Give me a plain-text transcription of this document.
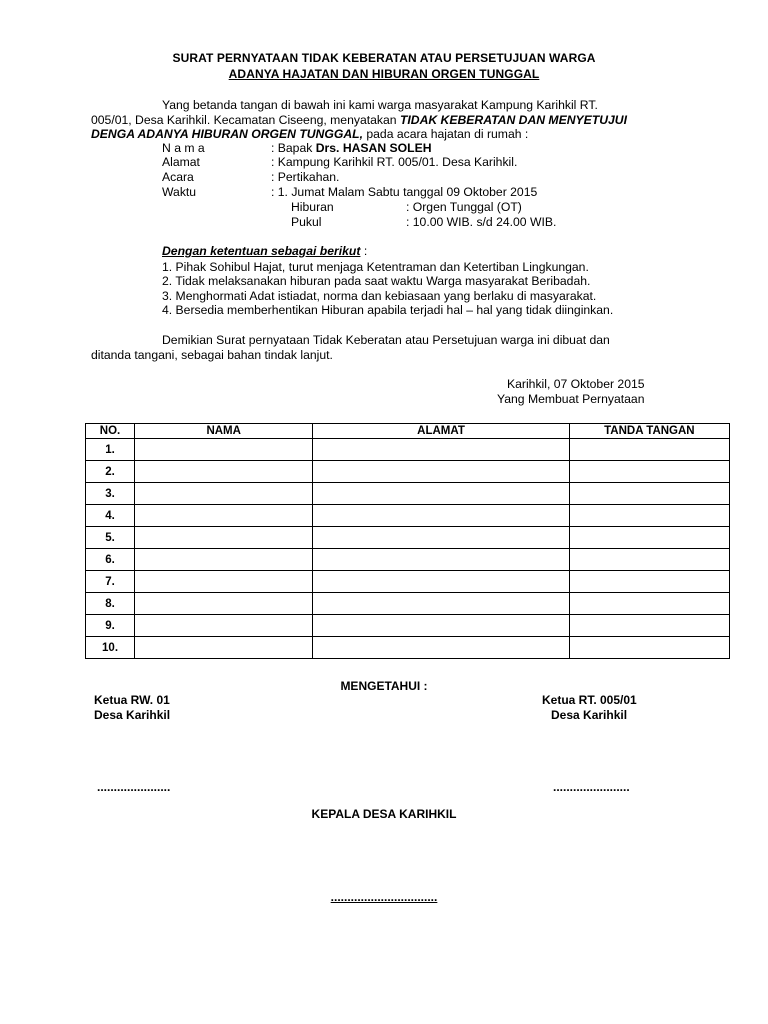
SURAT PERNYATAAN TIDAK KEBERATAN ATAU PERSETUJUAN WARGA
ADANYA HAJATAN DAN HIBURAN ORGEN TUNGGAL
Yang betanda tangan di bawah ini kami warga masyarakat Kampung Karihkil RT.
005/01, Desa Karihkil. Kecamatan Ciseeng, menyatakan TIDAK KEBERATAN DAN MENYETUJUI
DENGA ADANYA HIBURAN ORGEN TUNGGAL, pada acara hajatan di rumah :
N a m a	: Bapak Drs. HASAN SOLEH
Alamat	: Kampung Karihkil RT. 005/01. Desa Karihkil.
Acara	: Pertikahan.
Waktu	: 1. Jumat Malam Sabtu tanggal 09 Oktober 2015
Hiburan	: Orgen Tunggal (OT)
Pukul	: 10.00 WIB. s/d 24.00 WIB.
Dengan ketentuan sebagai berikut :
1. Pihak Sohibul Hajat, turut menjaga Ketentraman dan Ketertiban Lingkungan.
2. Tidak melaksanakan hiburan pada saat waktu Warga masyarakat Beribadah.
3. Menghormati Adat istiadat, norma dan kebiasaan yang berlaku di masyarakat.
4. Bersedia memberhentikan Hiburan apabila terjadi hal – hal yang tidak diinginkan.
Demikian Surat pernyataan Tidak Keberatan atau Persetujuan warga ini dibuat dan
ditanda tangani, sebagai bahan tindak lanjut.
Karihkil, 07 Oktober 2015
Yang Membuat Pernyataan
NO.	NAMA	ALAMAT	TANDA TANGAN
1.			
2.			
3.			
4.			
5.			
6.			
7.			
8.			
9.			
10.			
MENGETAHUI :
Ketua RW. 01
Desa Karihkil
......................
Ketua RT. 005/01
Desa Karihkil
.......................
KEPALA DESA KARIHKIL
................................
